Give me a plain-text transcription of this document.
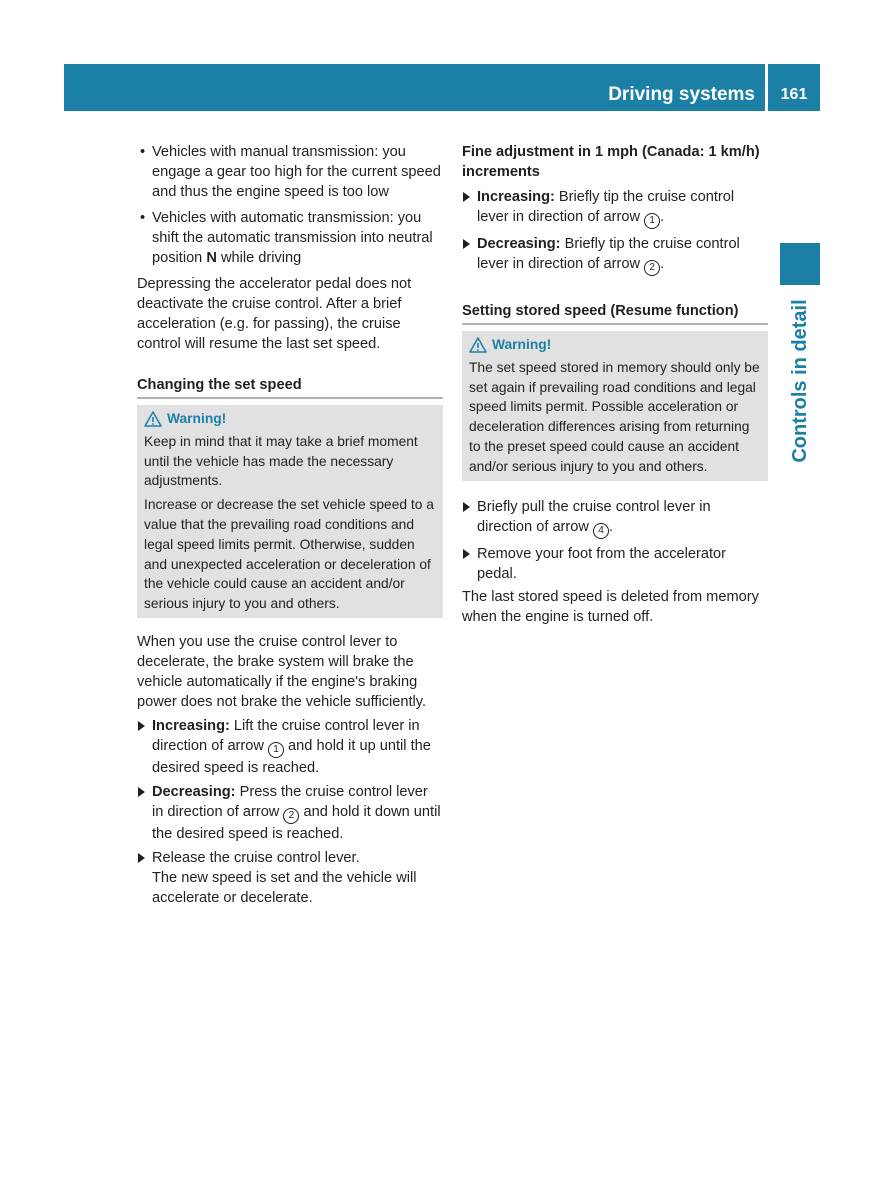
Driving systems	161
Controls in detail

• Vehicles with manual transmission: you engage a gear too high for the current speed and thus the engine speed is too low

• Vehicles with automatic transmission: you shift the automatic transmission into neutral position N while driving

Depressing the accelerator pedal does not deactivate the cruise control. After a brief acceleration (e.g. for passing), the cruise control will resume the last set speed.

Changing the set speed

Warning!

Keep in mind that it may take a brief moment until the vehicle has made the necessary adjustments.

Increase or decrease the set vehicle speed to a value that the prevailing road conditions and legal speed limits permit. Otherwise, sudden and unexpected acceleration or deceleration of the vehicle could cause an accident and/or serious injury to you and others.

When you use the cruise control lever to decelerate, the brake system will brake the vehicle automatically if the engine's braking power does not brake the vehicle sufficiently.

Increasing: Lift the cruise control lever in direction of arrow 1 and hold it up until the desired speed is reached.

Decreasing: Press the cruise control lever in direction of arrow 2 and hold it down until the desired speed is reached.

Release the cruise control lever.

The new speed is set and the vehicle will accelerate or decelerate.

Fine adjustment in 1 mph (Canada: 1 km/h) increments

Increasing: Briefly tip the cruise control lever in direction of arrow 1 .

Decreasing: Briefly tip the cruise control lever in direction of arrow 2 .

Setting stored speed (Resume function)

Warning!

The set speed stored in memory should only be set again if prevailing road conditions and legal speed limits permit. Possible acceleration or deceleration differences arising from returning to the preset speed could cause an accident and/or serious injury to you and others.

Briefly pull the cruise control lever in direction of arrow 4 .

Remove your foot from the accelerator pedal.

The last stored speed is deleted from memory when the engine is turned off.
